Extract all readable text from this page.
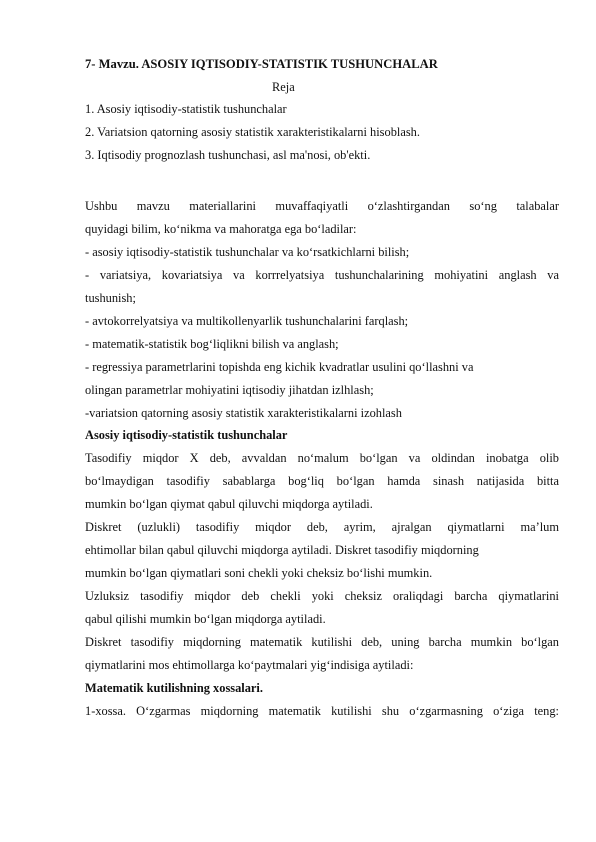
7- Mavzu. ASOSIY IQTISODIY-STATISTIK TUSHUNCHALAR
Reja
1. Asosiy iqtisodiy-statistik tushunchalar
2. Variatsion qatorning asosiy statistik xarakteristikalarni hisoblash.
3. Iqtisodiy prognozlash tushunchasi, asl ma'nosi, ob'ekti.
Ushbu mavzu materiallarini muvaffaqiyatli o‘zlashtirgandan so‘ng talabalar
quyidagi bilim, ko‘nikma va mahoratga ega bo‘ladilar:
- asosiy iqtisodiy-statistik tushunchalar va ko‘rsatkichlarni bilish;
- variatsiya, kovariatsiya va korrrelyatsiya tushunchalarining mohiyatini anglash va
tushunish;
- avtokorrelyatsiya va multikollenyarlik tushunchalarini farqlash;
- matematik-statistik bog‘liqlikni bilish va anglash;
- regressiya parametrlarini topishda eng kichik kvadratlar usulini qo‘llashni va
olingan parametrlar mohiyatini iqtisodiy jihatdan izlhlash;
-variatsion qatorning asosiy statistik xarakteristikalarni izohlash
Asosiy iqtisodiy-statistik tushunchalar
Tasodifiy miqdor X deb, avvaldan no‘malum bo‘lgan va oldindan inobatga olib
bo‘lmaydigan tasodifiy sabablarga bog‘liq bo‘lgan hamda sinash natijasida bitta
mumkin bo‘lgan qiymat qabul qiluvchi miqdorga aytiladi.
Diskret (uzlukli) tasodifiy miqdor deb, ayrim, ajralgan qiymatlarni ma’lum
ehtimollar bilan qabul qiluvchi miqdorga aytiladi. Diskret tasodifiy miqdorning
mumkin bo‘lgan qiymatlari soni chekli yoki cheksiz bo‘lishi mumkin.
Uzluksiz tasodifiy miqdor deb chekli yoki cheksiz oraliqdagi barcha qiymatlarini
qabul qilishi mumkin bo‘lgan miqdorga aytiladi.
Diskret tasodifiy miqdorning matematik kutilishi deb, uning barcha mumkin bo‘lgan
qiymatlarini mos ehtimollarga ko‘paytmalari yig‘indisiga aytiladi:
Matematik kutilishning xossalari.
1-xossa. O‘zgarmas miqdorning matematik kutilishi shu o‘zgarmasning o‘ziga teng:
